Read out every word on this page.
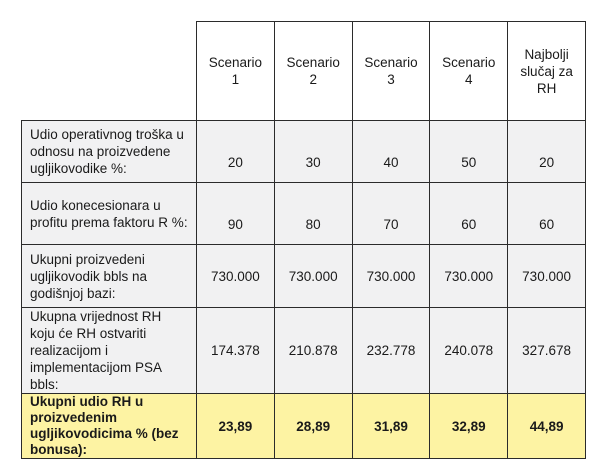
	Scenario 1	Scenario 2	Scenario 3	Scenario 4	Najbolji slučaj za RH
Udio operativnog troška u odnosu na proizvedene ugljikovodike %:	20	30	40	50	20
Udio konecesionara u profitu prema faktoru R %:	90	80	70	60	60
Ukupni proizvedeni ugljikovodik bbls na godišnjoj bazi:	730.000	730.000	730.000	730.000	730.000
Ukupna vrijednost RH koju će RH ostvariti realizacijom i implementacijom PSA bbls:	174.378	210.878	232.778	240.078	327.678
Ukupni udio RH u proizvedenim ugljikovodicima % (bez bonusa):	23,89	28,89	31,89	32,89	44,89
